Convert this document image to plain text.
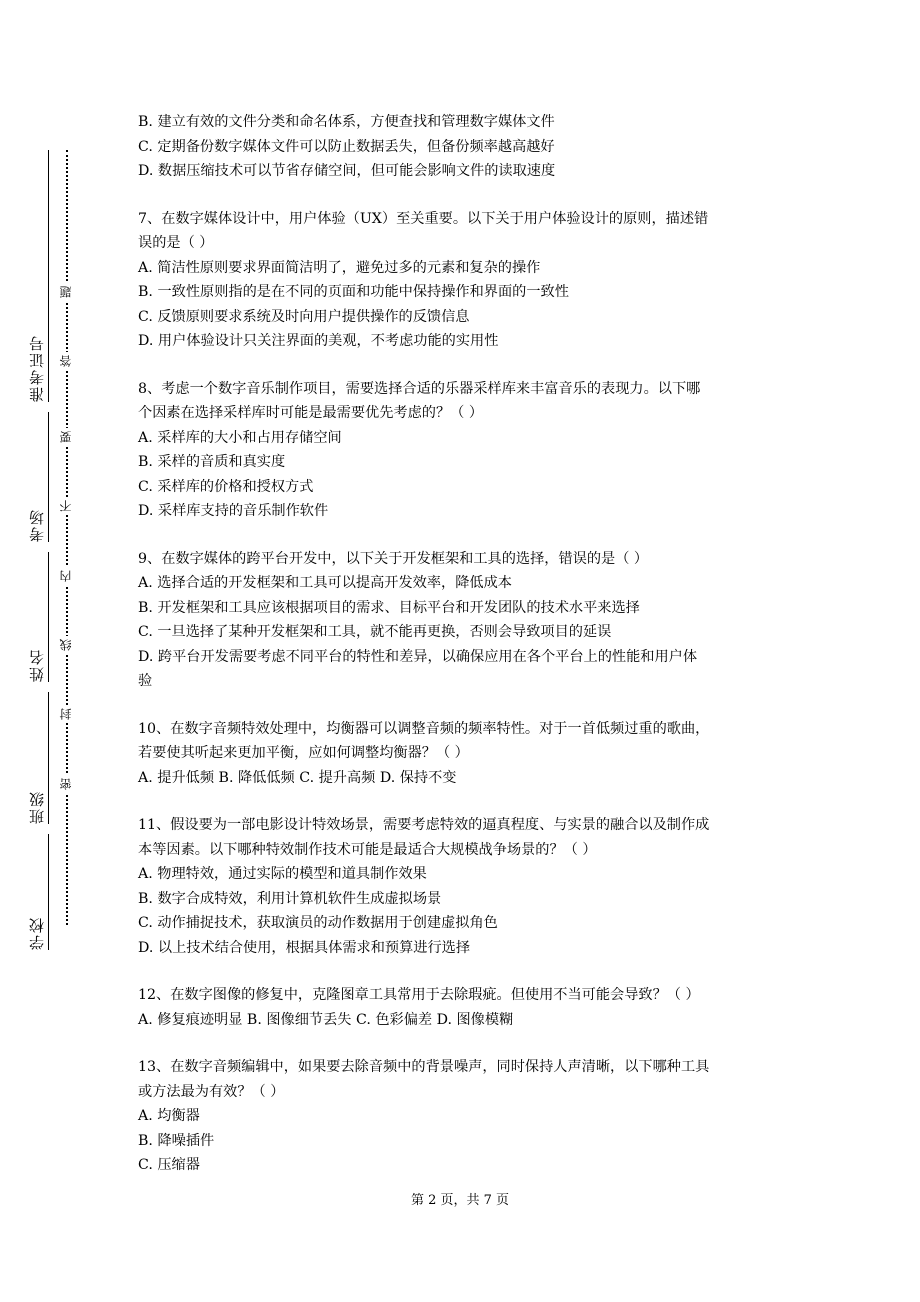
准考证号
考场
姓名
班级
学校
题
答
要
不
内
线
封
密
B. 建立有效的文件分类和命名体系，方便查找和管理数字媒体文件
C. 定期备份数字媒体文件可以防止数据丢失，但备份频率越高越好
D. 数据压缩技术可以节省存储空间，但可能会影响文件的读取速度
7、在数字媒体设计中，用户体验（UX）至关重要。以下关于用户体验设计的原则，描述错
误的是（ ）
A. 简洁性原则要求界面简洁明了，避免过多的元素和复杂的操作
B. 一致性原则指的是在不同的页面和功能中保持操作和界面的一致性
C. 反馈原则要求系统及时向用户提供操作的反馈信息
D. 用户体验设计只关注界面的美观，不考虑功能的实用性
8、考虑一个数字音乐制作项目，需要选择合适的乐器采样库来丰富音乐的表现力。以下哪
个因素在选择采样库时可能是最需要优先考虑的？（ ）
A. 采样库的大小和占用存储空间
B. 采样的音质和真实度
C. 采样库的价格和授权方式
D. 采样库支持的音乐制作软件
9、在数字媒体的跨平台开发中，以下关于开发框架和工具的选择，错误的是（ ）
A. 选择合适的开发框架和工具可以提高开发效率，降低成本
B. 开发框架和工具应该根据项目的需求、目标平台和开发团队的技术水平来选择
C. 一旦选择了某种开发框架和工具，就不能再更换，否则会导致项目的延误
D. 跨平台开发需要考虑不同平台的特性和差异，以确保应用在各个平台上的性能和用户体
验
10、在数字音频特效处理中，均衡器可以调整音频的频率特性。对于一首低频过重的歌曲，
若要使其听起来更加平衡，应如何调整均衡器？（ ）
A. 提升低频 B. 降低低频 C. 提升高频 D. 保持不变
11、假设要为一部电影设计特效场景，需要考虑特效的逼真程度、与实景的融合以及制作成
本等因素。以下哪种特效制作技术可能是最适合大规模战争场景的？（ ）
A. 物理特效，通过实际的模型和道具制作效果
B. 数字合成特效，利用计算机软件生成虚拟场景
C. 动作捕捉技术，获取演员的动作数据用于创建虚拟角色
D. 以上技术结合使用，根据具体需求和预算进行选择
12、在数字图像的修复中，克隆图章工具常用于去除瑕疵。但使用不当可能会导致？（ ）
A. 修复痕迹明显 B. 图像细节丢失 C. 色彩偏差 D. 图像模糊
13、在数字音频编辑中，如果要去除音频中的背景噪声，同时保持人声清晰，以下哪种工具
或方法最为有效？（ ）
A. 均衡器
B. 降噪插件
C. 压缩器
第 2 页，共 7 页
